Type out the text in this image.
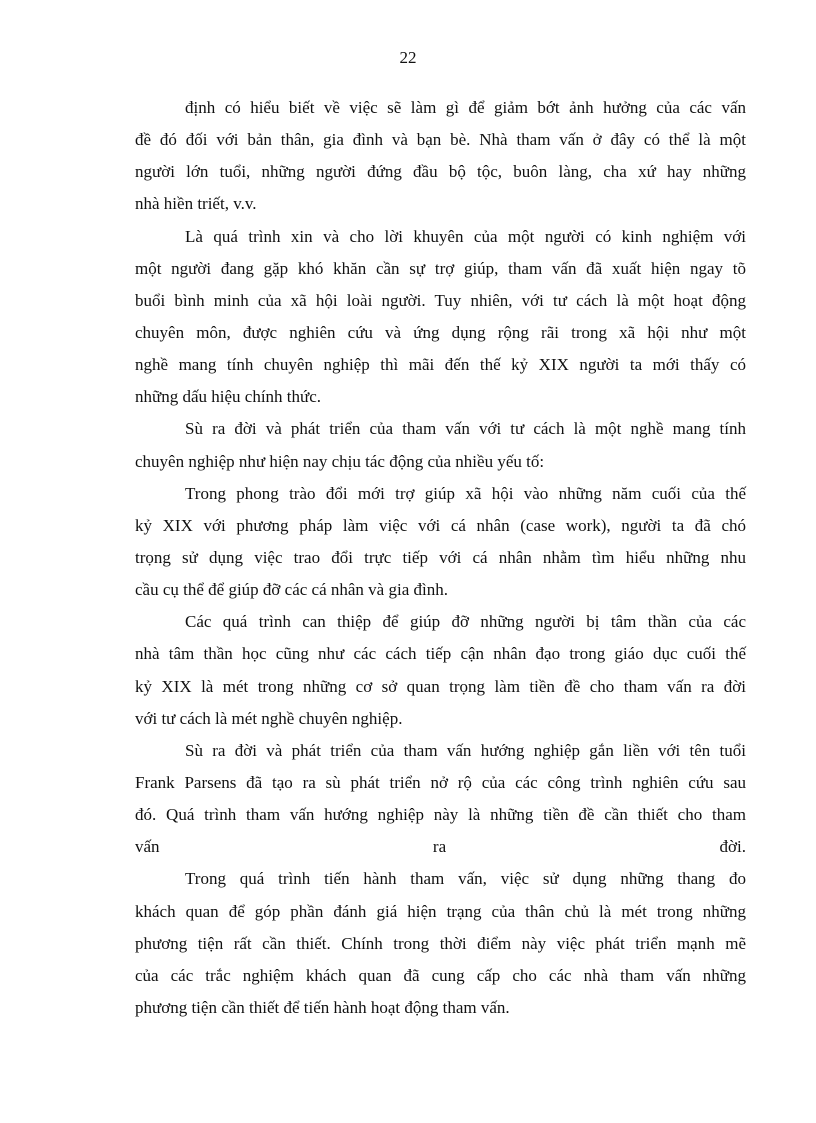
22
định có hiểu biết về việc sẽ làm gì để giảm bớt ảnh hưởng của các vấn
đề đó đối với bản thân, gia đình và bạn bè. Nhà tham vấn ở đây có thể là một
người lớn tuổi, những người đứng đầu bộ tộc, buôn làng, cha xứ hay những
nhà hiền triết, v.v.
Là quá trình xin và cho lời khuyên của một người có kinh nghiệm với
một người đang gặp khó khăn cần sự trợ giúp, tham vấn đã xuất hiện ngay tõ
buổi bình minh của xã hội loài người. Tuy nhiên, với tư cách là một hoạt động
chuyên môn, được nghiên cứu và ứng dụng rộng rãi trong xã hội như một
nghề mang tính chuyên nghiệp thì mãi đến thế kỷ XIX người ta mới thấy có
những dấu hiệu chính thức.
Sù ra đời và phát triển của tham vấn với tư cách là một nghề mang tính
chuyên nghiệp như hiện nay chịu tác động của nhiều yếu tố:
Trong phong trào đổi mới trợ giúp xã hội vào những năm cuối của thế
kỷ XIX với phương pháp làm việc với cá nhân (case work), người ta đã chó
trọng sử dụng việc trao đổi trực tiếp với cá nhân nhằm tìm hiểu những nhu
cầu cụ thể để giúp đỡ các cá nhân và gia đình.
Các quá trình can thiệp để giúp đỡ những người bị tâm thần của các
nhà tâm thần học cũng như các cách tiếp cận nhân đạo trong giáo dục cuối thế
kỷ XIX là mét trong những cơ sở quan trọng làm tiền đề cho tham vấn ra đời
với tư cách là mét nghề chuyên nghiệp.
Sù ra đời và phát triển của tham vấn hướng nghiệp gắn liền với tên tuổi
Frank Parsens đã tạo ra sù phát triển nở rộ của các công trình nghiên cứu sau
đó. Quá trình tham vấn hướng nghiệp này là những tiền đề cần thiết cho tham
vấn ra đời.
Trong quá trình tiến hành tham vấn, việc sử dụng những thang đo
khách quan để góp phần đánh giá hiện trạng của thân chủ là mét trong những
phương tiện rất cần thiết. Chính trong thời điểm này việc phát triển mạnh mẽ
của các trắc nghiệm khách quan đã cung cấp cho các nhà tham vấn những
phương tiện cần thiết để tiến hành hoạt động tham vấn.
